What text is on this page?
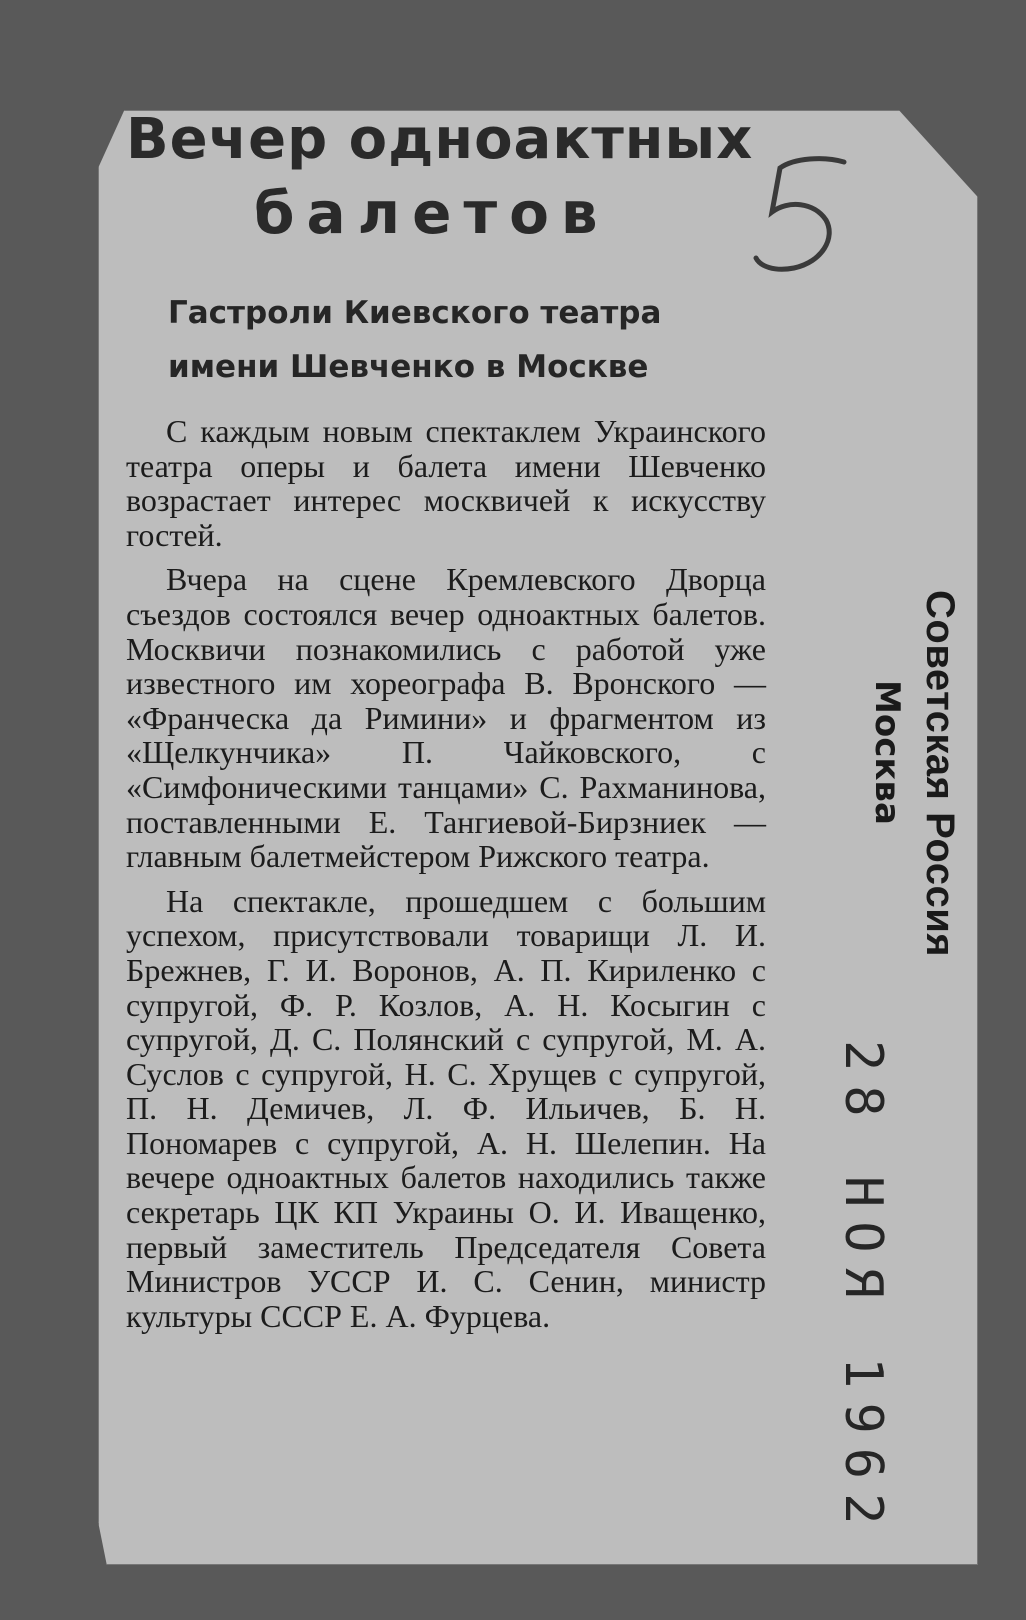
Вечер одноактных
балетов
Гастроли Киевского театра
имени Шевченко в Москве

С каждым новым спектаклем Украинского театра оперы и балета имени Шевченко возрастает интерес москвичей к искусству гостей.

Вчера на сцене Кремлевского Дворца съездов состоялся вечер одноактных балетов. Москвичи познакомились с работой уже известного им хореографа В. Вронского — «Франческа да Римини» и фрагментом из «Щелкунчика» П. Чайковского, с «Симфоническими танцами» С. Рахманинова, поставленными Е. Тангиевой-Бирзниек —главным балетмейстером Рижского театра.

На спектакле, прошедшем с большим успехом, присутствовали товарищи Л. И. Брежнев, Г. И. Воронов, А. П. Кириленко с супругой, Ф. Р. Козлов, А. Н. Косыгин с супругой, Д. С. Полянский с супругой, М. А. Суслов с супругой, Н. С. Хрущев с супругой, П. Н. Демичев, Л. Ф. Ильичев, Б. Н. Пономарев с супругой, А. Н. Шелепин. На вечере одноактных балетов находились также секретарь ЦК КП Украины О. И. Иващенко, первый заместитель Председателя Совета Министров УССР И. С. Сенин, министр культуры СССР Е. А. Фурцева.

Советская Россия
Москва
28 НОЯ 1962
